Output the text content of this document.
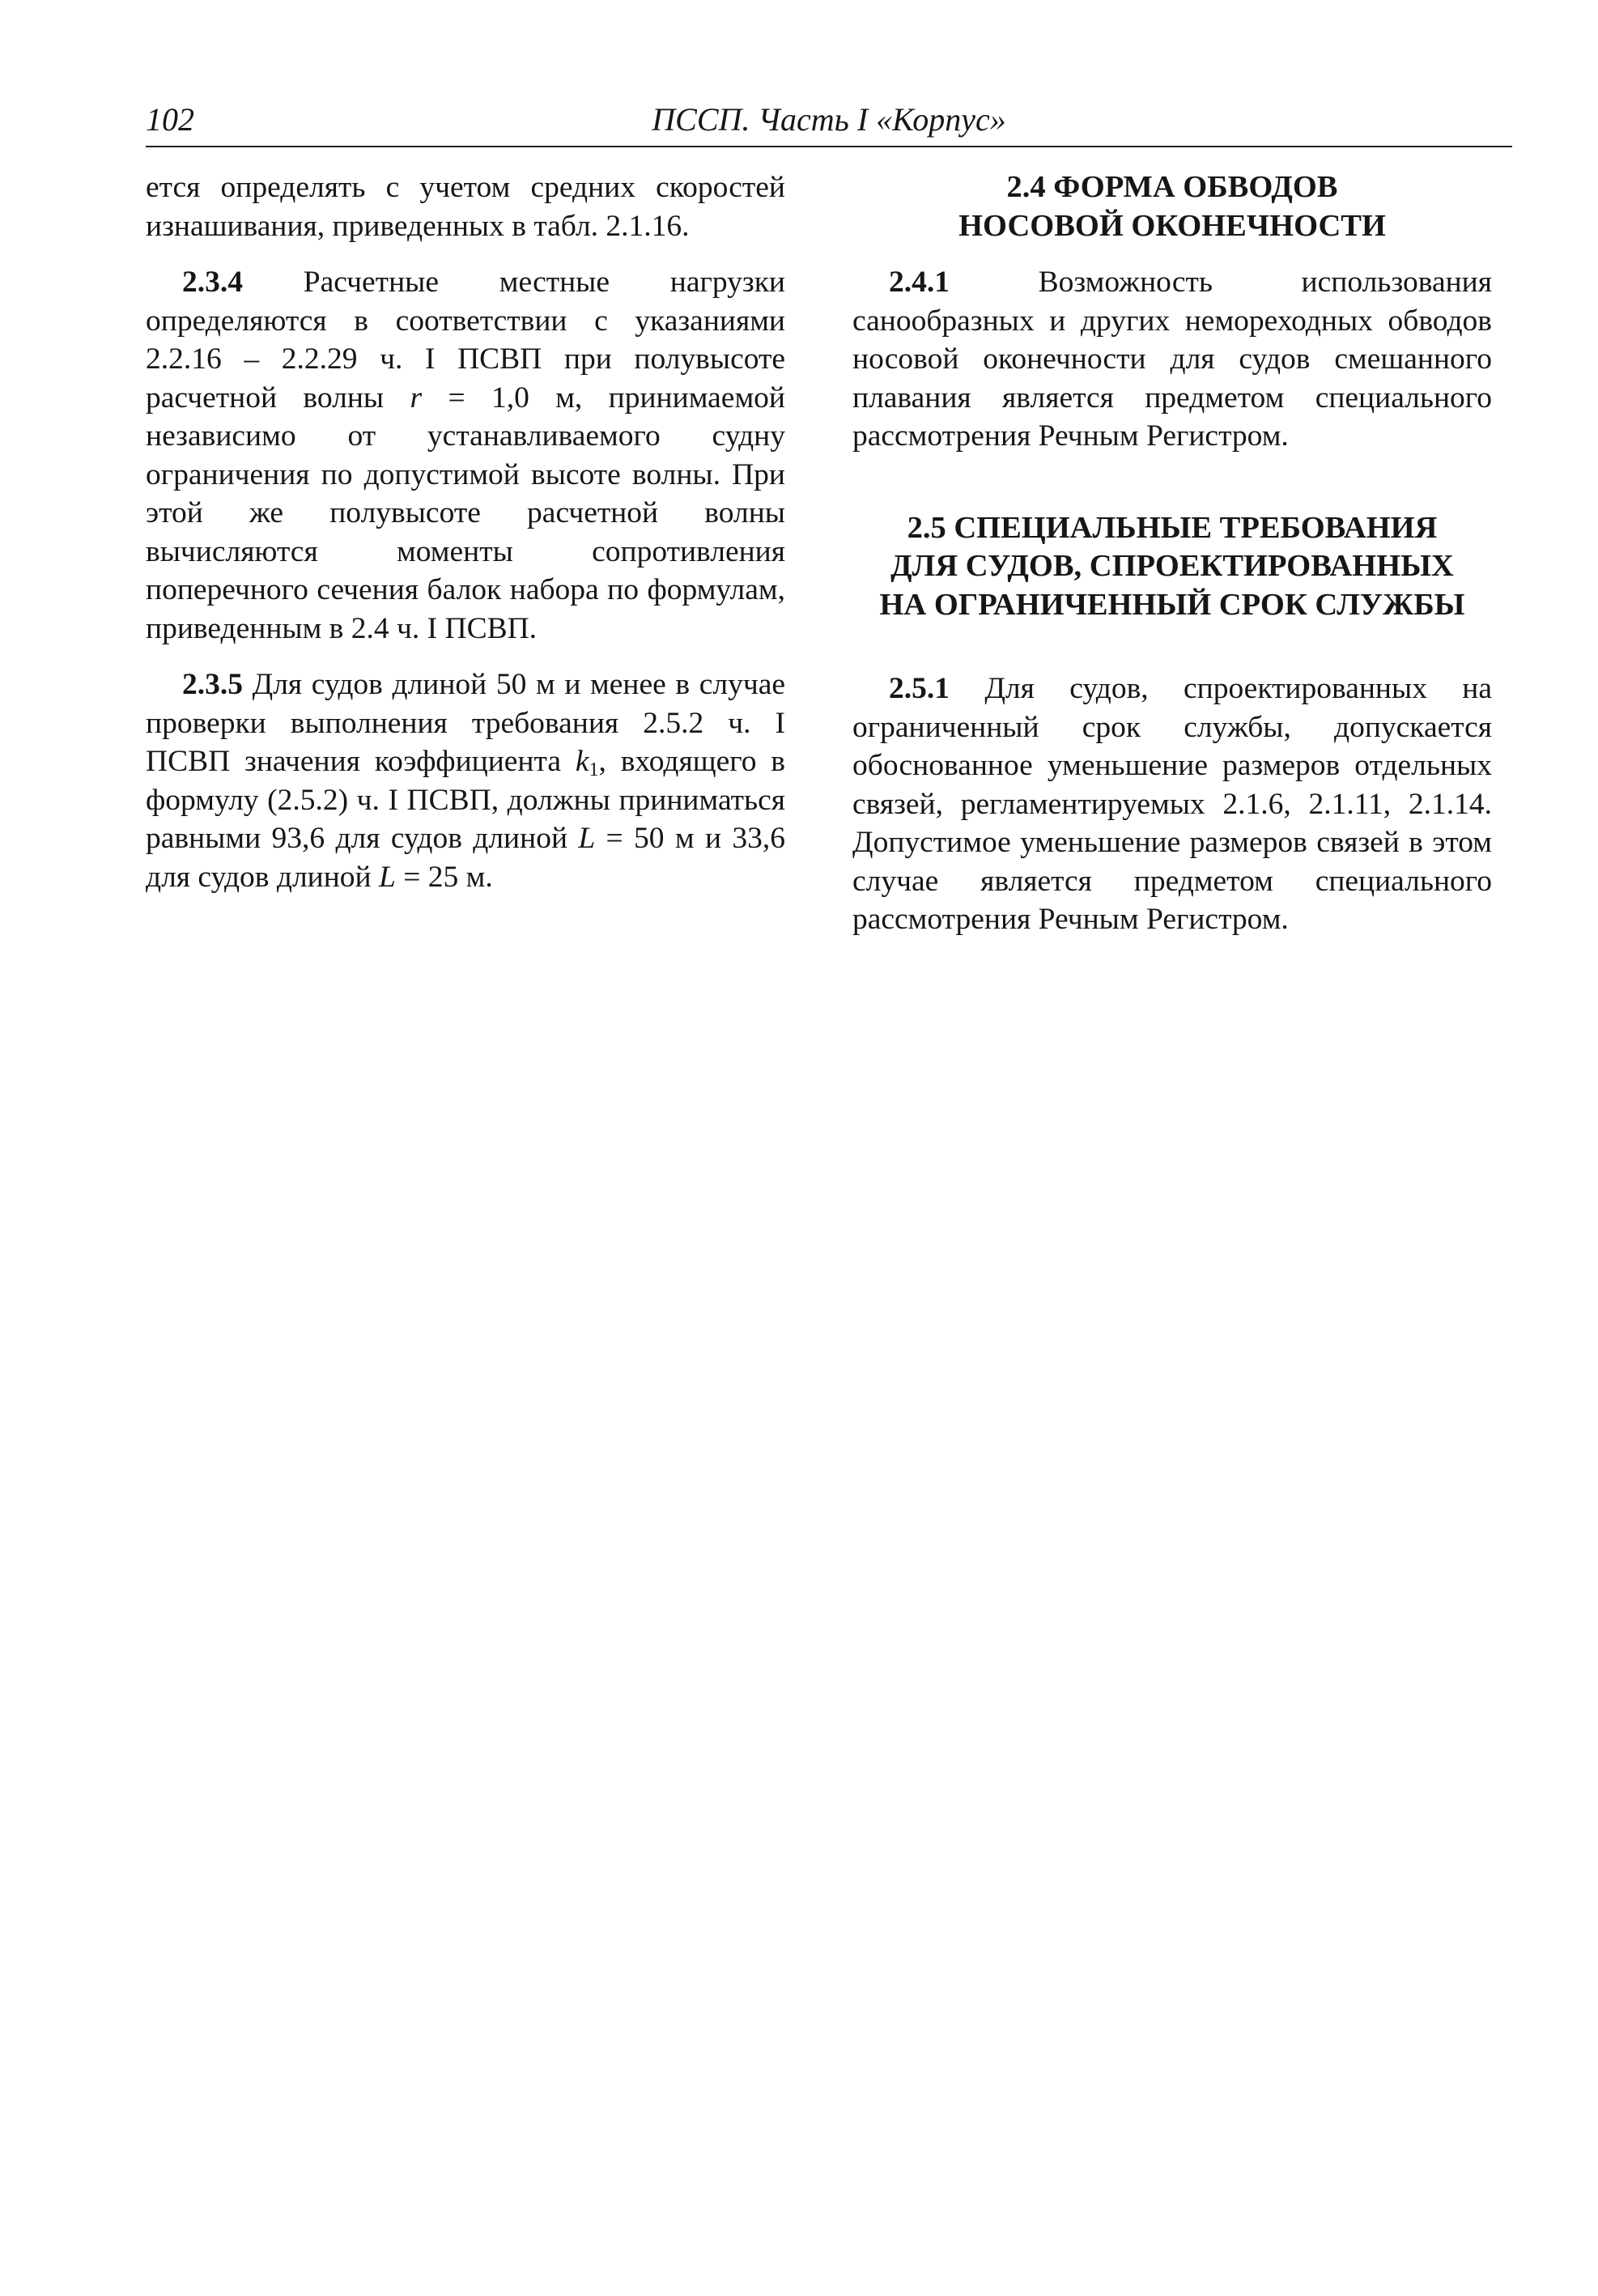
102	ПССП. Часть I «Корпус»

ется определять с учетом средних скоростей изнашивания, приведенных в табл. 2.1.16.

2.3.4 Расчетные местные нагрузки определяются в соответствии с указаниями 2.2.16 – 2.2.29 ч. I ПСВП при полувысоте расчетной волны r = 1,0 м, принимаемой независимо от устанавливаемого судну ограничения по допустимой высоте волны. При этой же полувысоте расчетной волны вычисляются моменты сопротивления поперечного сечения балок набора по формулам, приведенным в 2.4 ч. I ПСВП.

2.3.5 Для судов длиной 50 м и менее в случае проверки выполнения требования 2.5.2 ч. I ПСВП значения коэффициента $k_1$, входящего в формулу (2.5.2) ч. I ПСВП, должны приниматься равными 93,6 для судов длиной L = 50 м и 33,6 для судов длиной L = 25 м.

2.4 ФОРМА ОБВОДОВ
НОСОВОЙ ОКОНЕЧНОСТИ

2.4.1 Возможность использования санообразных и других немореходных обводов носовой оконечности для судов смешанного плавания является предметом специального рассмотрения Речным Регистром.

2.5 СПЕЦИАЛЬНЫЕ ТРЕБОВАНИЯ
ДЛЯ СУДОВ, СПРОЕКТИРОВАННЫХ
НА ОГРАНИЧЕННЫЙ СРОК СЛУЖБЫ

2.5.1 Для судов, спроектированных на ограниченный срок службы, допускается обоснованное уменьшение размеров отдельных связей, регламентируемых 2.1.6, 2.1.11, 2.1.14. Допустимое уменьшение размеров связей в этом случае является предметом специального рассмотрения Речным Регистром.
